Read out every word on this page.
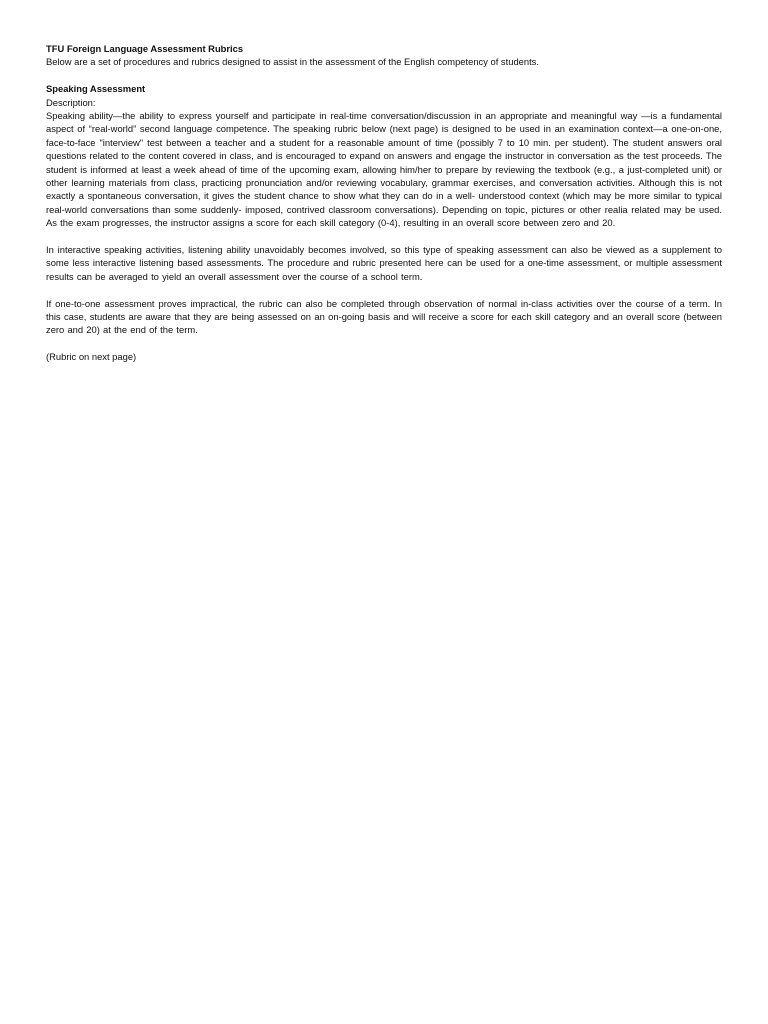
TFU Foreign Language Assessment Rubrics

Below are a set of procedures and rubrics designed to assist in the assessment of the English competency of students.

Speaking Assessment

Description:

Speaking ability—the ability to express yourself and participate in real-time conversation/discussion in an appropriate and meaningful way —is a fundamental aspect of “real-world” second language competence. The speaking rubric below (next page) is designed to be used in an examination context—a one-on-one, face-to-face "interview" test between a teacher and a student for a reasonable amount of time (possibly 7 to 10 min. per student). The student answers oral questions related to the content covered in class, and is encouraged to expand on answers and engage the instructor in conversation as the test proceeds. The student is informed at least a week ahead of time of the upcoming exam, allowing him/her to prepare by reviewing the textbook (e.g., a just-completed unit) or other learning materials from class, practicing pronunciation and/or reviewing vocabulary, grammar exercises, and conversation activities. Although this is not exactly a spontaneous conversation, it gives the student chance to show what they can do in a well- understood context (which may be more similar to typical real-world conversations than some suddenly- imposed, contrived classroom conversations). Depending on topic, pictures or other realia related may be used. As the exam progresses, the instructor assigns a score for each skill category (0-4), resulting in an overall score between zero and 20.

In interactive speaking activities, listening ability unavoidably becomes involved, so this type of speaking assessment can also be viewed as a supplement to some less interactive listening based assessments. The procedure and rubric presented here can be used for a one-time assessment, or multiple assessment results can be averaged to yield an overall assessment over the course of a school term.

If one-to-one assessment proves impractical, the rubric can also be completed through observation of normal in-class activities over the course of a term. In this case, students are aware that they are being assessed on an on-going basis and will receive a score for each skill category and an overall score (between zero and 20) at the end of the term.

(Rubric on next page)
